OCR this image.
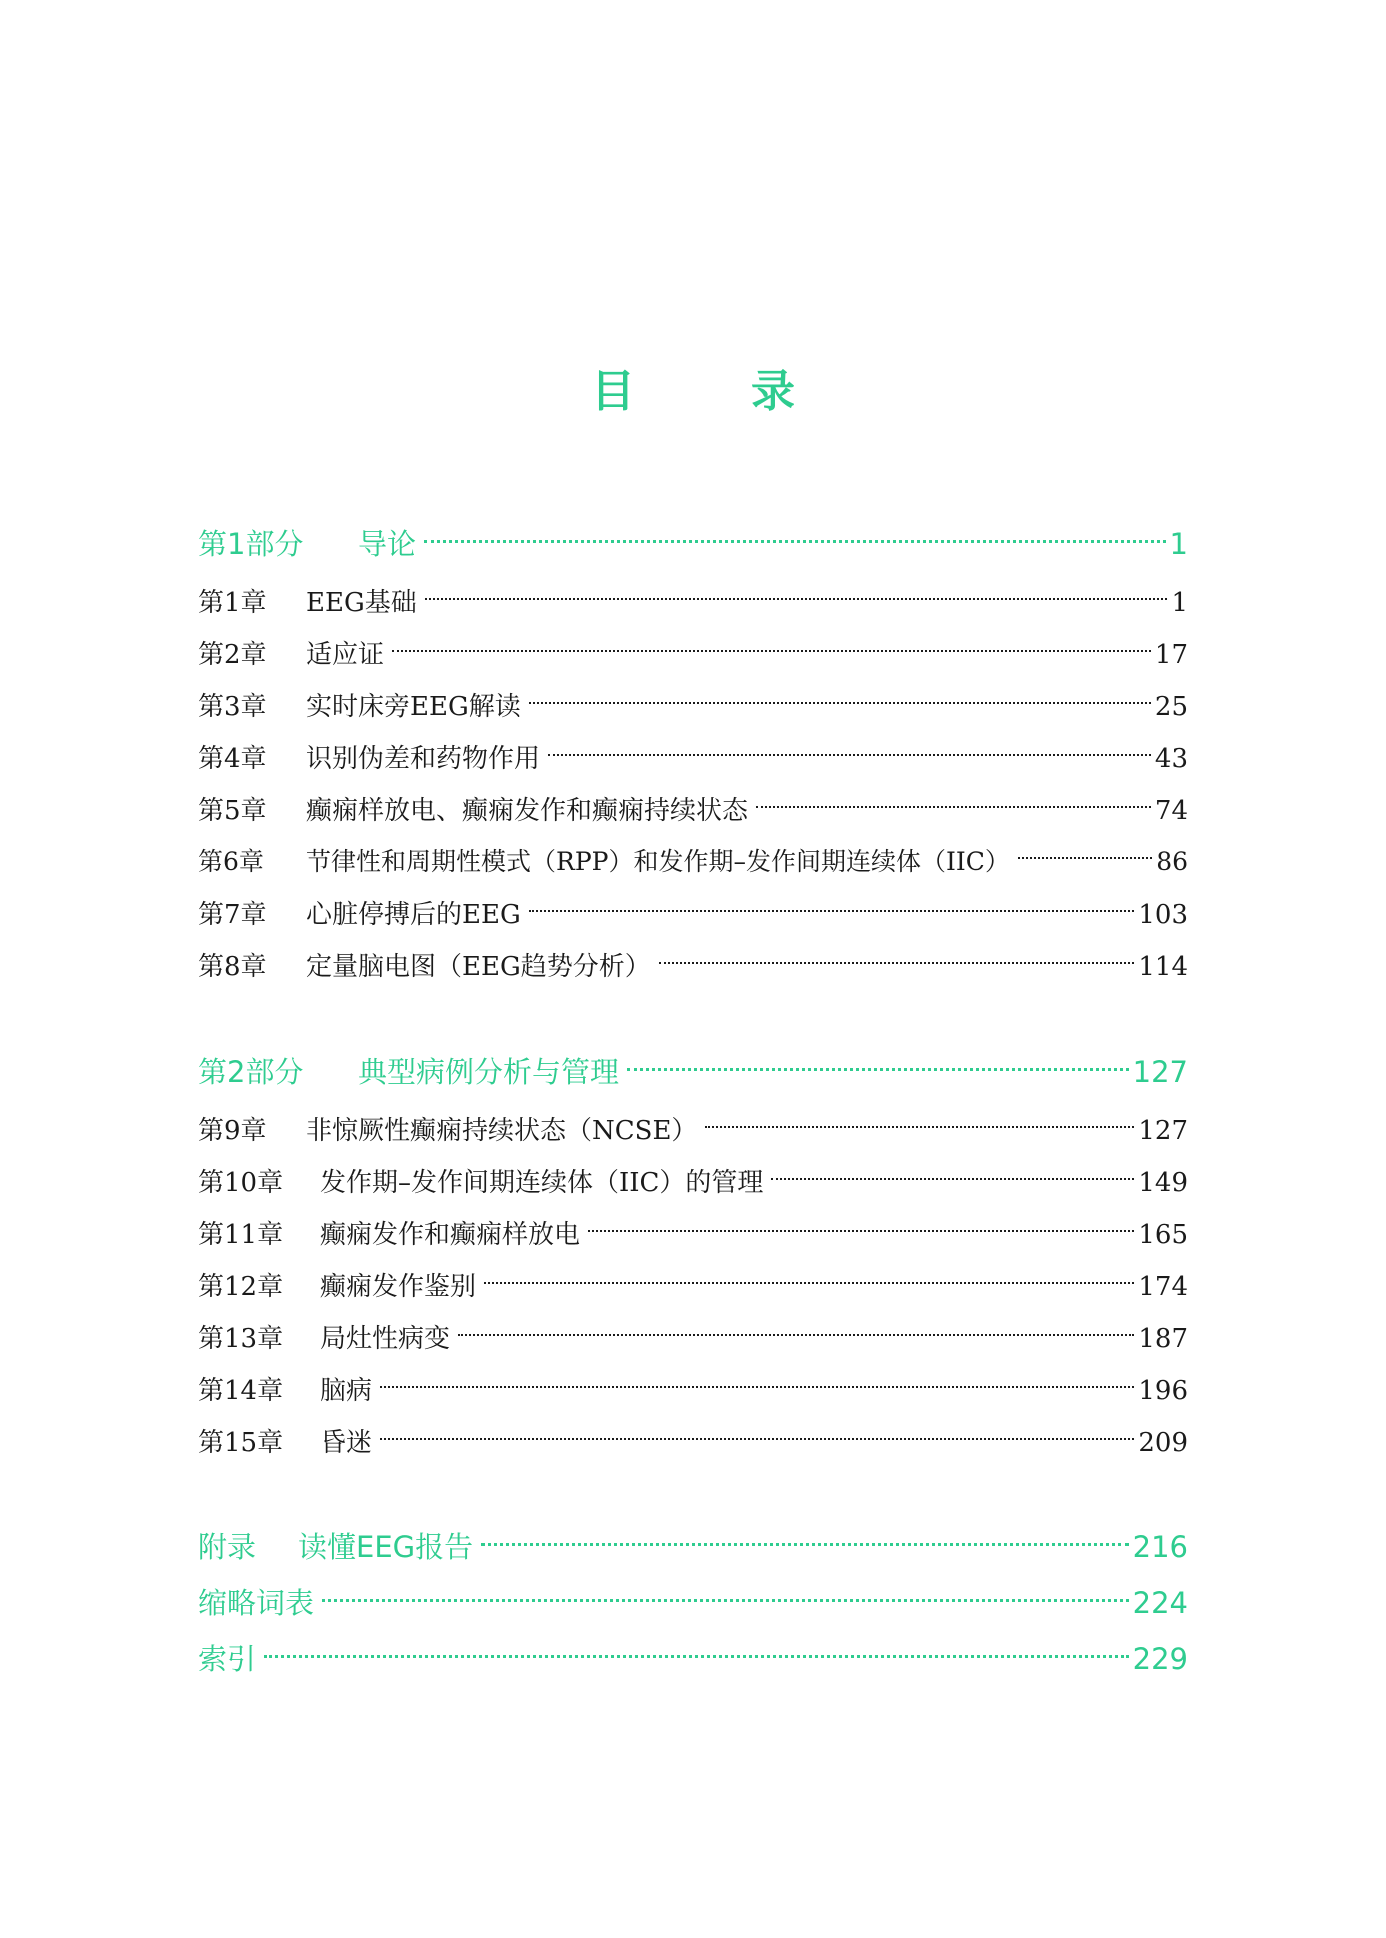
目　录
第1部分	导论	1
第1章	EEG基础	1
第2章	适应证	17
第3章	实时床旁EEG解读	25
第4章	识别伪差和药物作用	43
第5章	癫痫样放电、癫痫发作和癫痫持续状态	74
第6章	节律性和周期性模式（RPP）和发作期–发作间期连续体（IIC）	86
第7章	心脏停搏后的EEG	103
第8章	定量脑电图（EEG趋势分析）	114
第2部分	典型病例分析与管理	127
第9章	非惊厥性癫痫持续状态（NCSE）	127
第10章	发作期–发作间期连续体（IIC）的管理	149
第11章	癫痫发作和癫痫样放电	165
第12章	癫痫发作鉴别	174
第13章	局灶性病变	187
第14章	脑病	196
第15章	昏迷	209
附录	读懂EEG报告	216
缩略词表	224
索引	229
